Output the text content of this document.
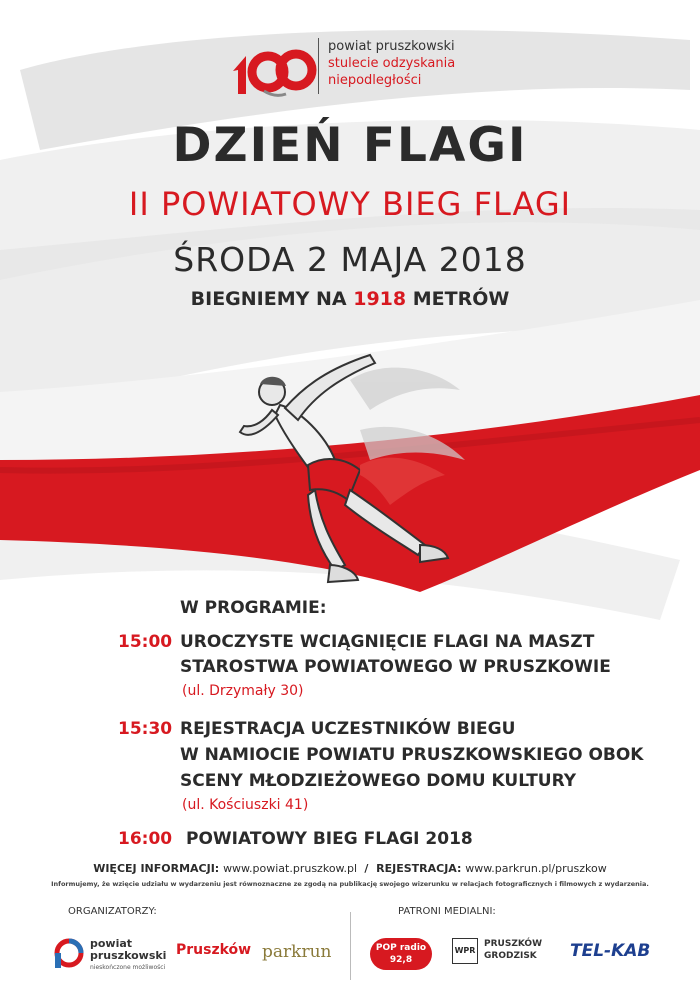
powiat pruszkowski
stulecie odzyskania
niepodległości
DZIEŃ FLAGI
II POWIATOWY BIEG FLAGI
ŚRODA 2 MAJA 2018
BIEGNIEMY NA 1918 METRÓW
W PROGRAMIE:
15:00 UROCZYSTE WCIĄGNIĘCIE FLAGI NA MASZT
STAROSTWA POWIATOWEGO W PRUSZKOWIE
(ul. Drzymały 30)
15:30 REJESTRACJA UCZESTNIKÓW BIEGU
W NAMIOCIE POWIATU PRUSZKOWSKIEGO OBOK
SCENY MŁODZIEŻOWEGO DOMU KULTURY
(ul. Kościuszki 41)
16:00 POWIATOWY BIEG FLAGI 2018
WIĘCEJ INFORMACJI: www.powiat.pruszkow.pl / REJESTRACJA: www.parkrun.pl/pruszkow
Informujemy, że wzięcie udziału w wydarzeniu jest równoznaczne ze zgodą na publikację swojego wizerunku w relacjach fotograficznych i filmowych z wydarzenia.
ORGANIZATORZY:	PATRONI MEDIALNI:
powiat
pruszkowski
nieskończone możliwości
Pruszków parkrun	POP radio
92,8
WPR
PRUSZKÓW
GRODZISK	TEL-KAB
